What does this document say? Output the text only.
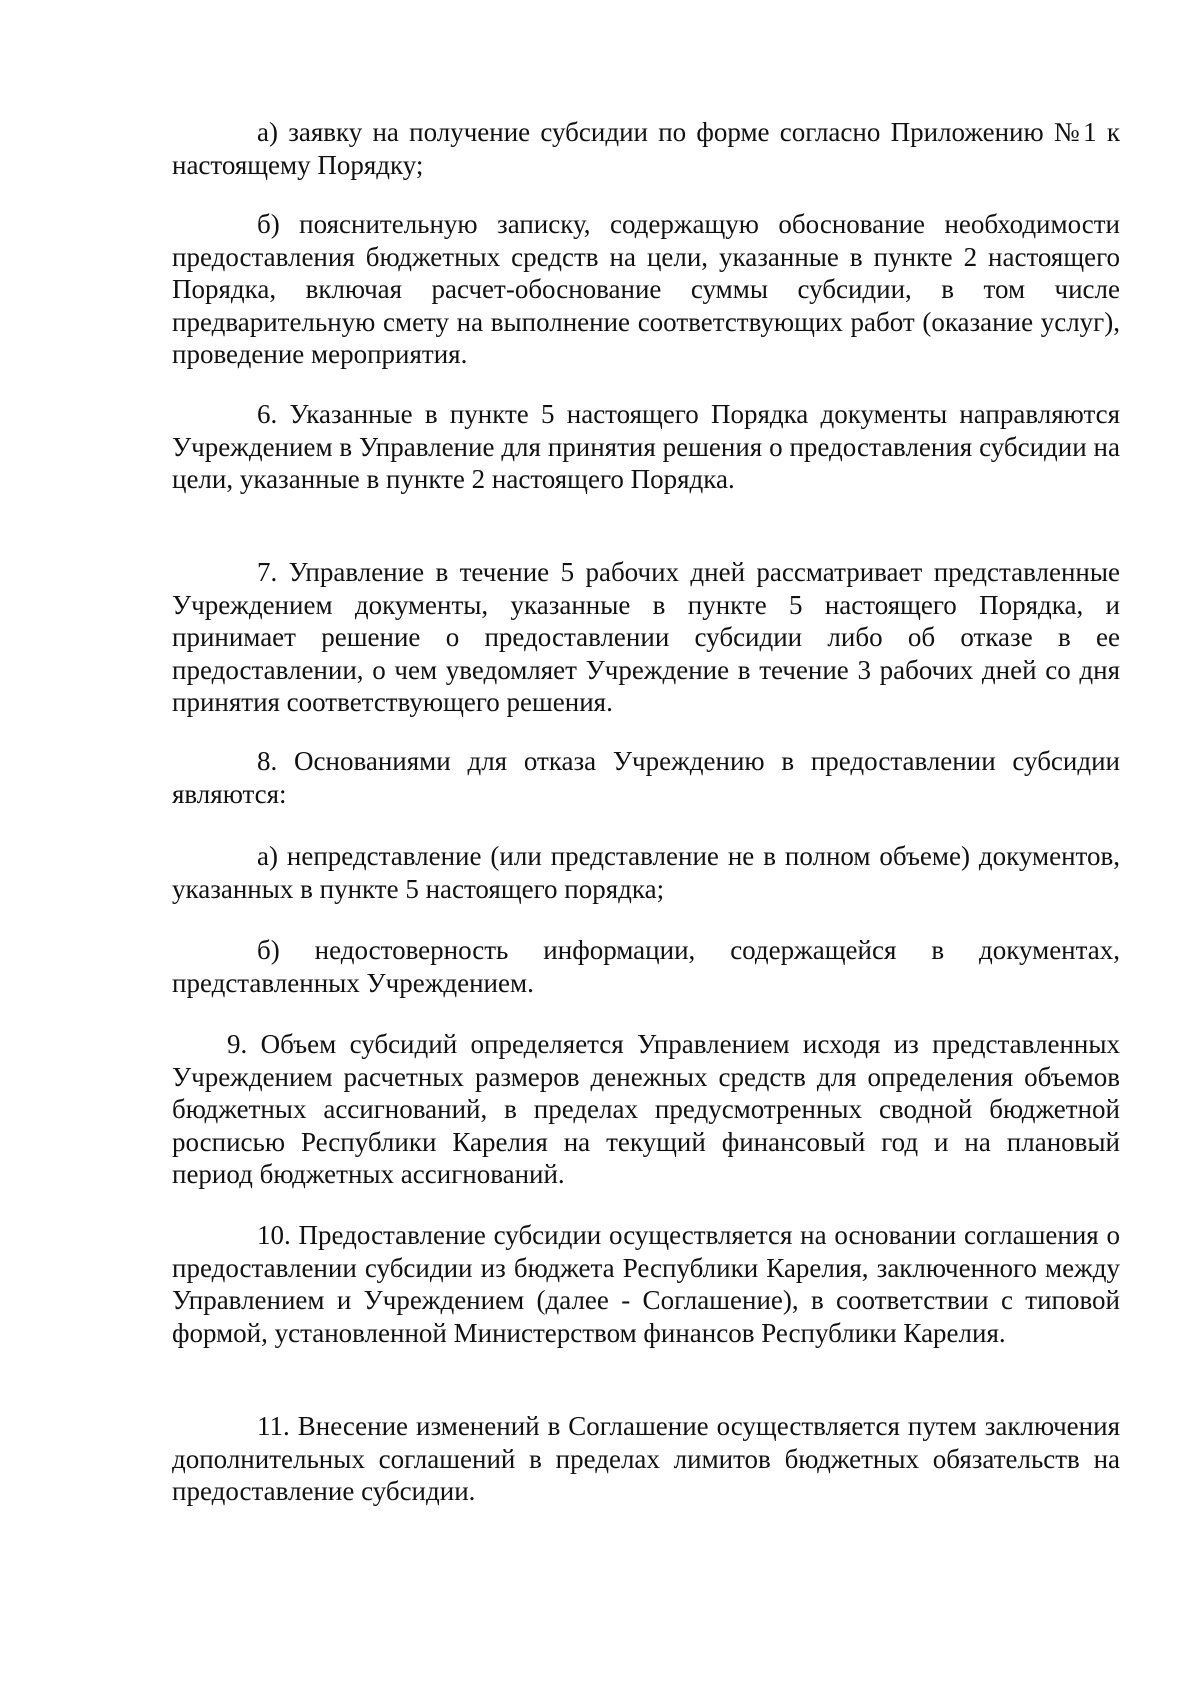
а) заявку на получение субсидии по форме согласно Приложению №1 к настоящему Порядку;

б) пояснительную записку, содержащую обоснование необходимости предоставления бюджетных средств на цели, указанные в пункте 2 настоящего Порядка, включая расчет-обоснование суммы субсидии, в том числе предварительную смету на выполнение соответствующих работ (оказание услуг), проведение мероприятия.

6. Указанные в пункте 5 настоящего Порядка документы направляются Учреждением в Управление для принятия решения о предоставления субсидии на цели, указанные в пункте 2 настоящего Порядка.

7. Управление в течение 5 рабочих дней рассматривает представленные Учреждением документы, указанные в пункте 5 настоящего Порядка, и принимает решение о предоставлении субсидии либо об отказе в ее предоставлении, о чем уведомляет Учреждение в течение 3 рабочих дней со дня принятия соответствующего решения.

8. Основаниями для отказа Учреждению в предоставлении субсидии являются:

а) непредставление (или представление не в полном объеме) документов, указанных в пункте 5 настоящего порядка;

б) недостоверность информации, содержащейся в документах, представленных Учреждением.

9. Объем субсидий определяется Управлением исходя из представленных Учреждением расчетных размеров денежных средств для определения объемов бюджетных ассигнований, в пределах предусмотренных сводной бюджетной росписью Республики Карелия на текущий финансовый год и на плановый период бюджетных ассигнований.

10. Предоставление субсидии осуществляется на основании соглашения о предоставлении субсидии из бюджета Республики Карелия, заключенного между Управлением и Учреждением (далее - Соглашение), в соответствии с типовой формой, установленной Министерством финансов Республики Карелия.

11. Внесение изменений в Соглашение осуществляется путем заключения дополнительных соглашений в пределах лимитов бюджетных обязательств на предоставление субсидии.
